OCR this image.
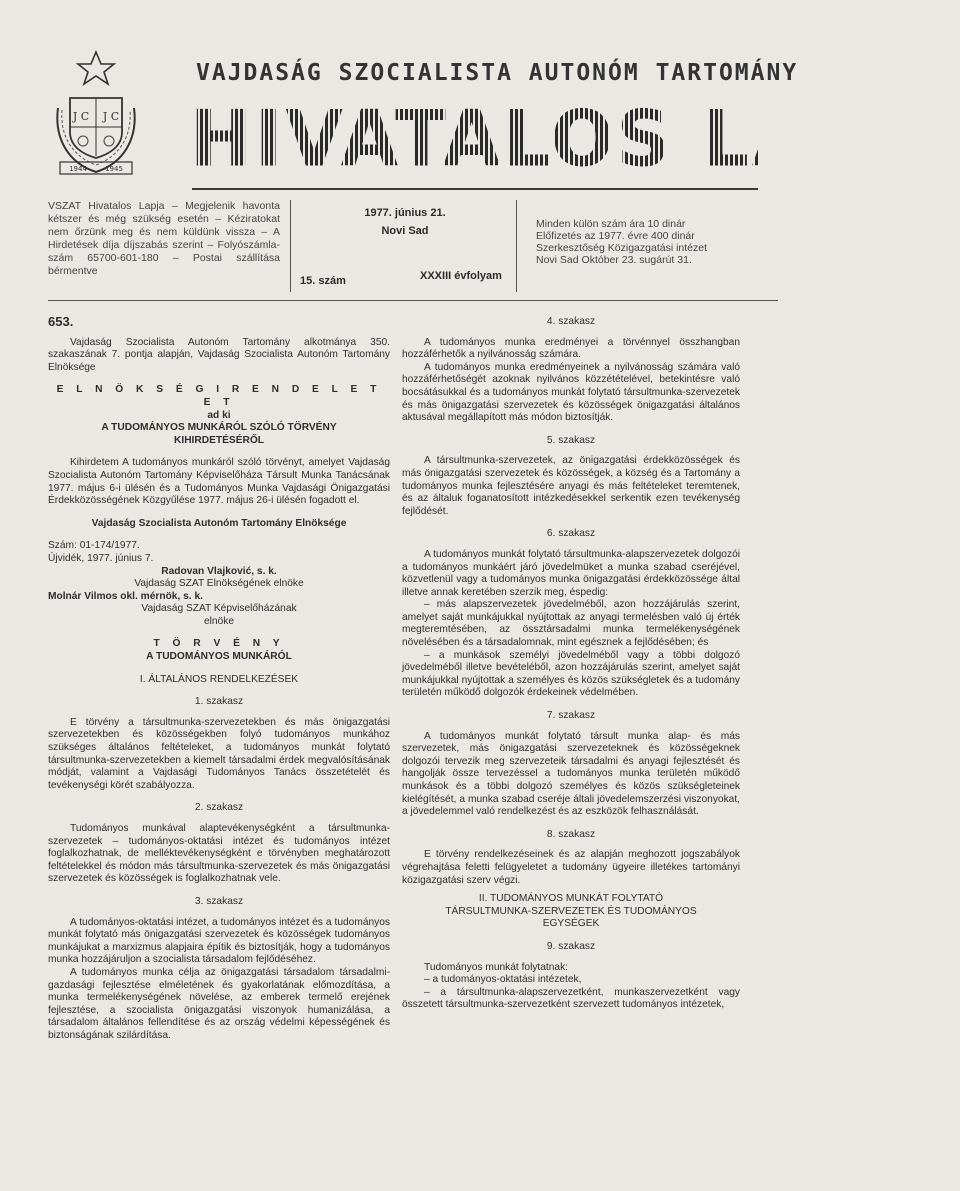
J C J C
1944	1945
VAJDASÁG SZOCIALISTA AUTONÓM TARTOMÁNY
HIVATALOS LAPJA
VSZAT Hivatalos Lapja – Megjelenik havonta kétszer és még szükség esetén – Kéziratokat nem őrzünk meg és nem küldünk vissza – A Hirdetések díja díjszabás szerint – Folyószámla-szám 65700-601-180 – Postai szállítása bérmentve
1977. június 21.
Novi Sad
15. szám	XXXIII évfolyam
Minden külön szám ára 10 dinár
Előfizetés az 1977. évre 400 dinár
Szerkesztőség Közigazgatási intézet
Novi Sad Október 23. sugárút 31.

653.

Vajdaság Szocialista Autonóm Tartomány alkotmánya 350. szakaszának 7. pontja alapján, Vajdaság Szocialista Autonóm Tartomány Elnöksége

E L N Ö K S É G I R E N D E L E T E T

ad ki

A TUDOMÁNYOS MUNKÁRÓL SZÓLÓ TÖRVÉNY

KIHIRDETÉSÉRŐL

Kihirdetem A tudományos munkáról szóló törvényt, amelyet Vajdaság Szocialista Autonóm Tartomány Képviselőháza Társult Munka Tanácsának 1977. május 6-i ülésén és a Tudományos Munka Vajdasági Önigazgatási Érdekközösségének Közgyűlése 1977. május 26-i ülésén fogadott el.

Vajdaság Szocialista Autonóm Tartomány Elnöksége

Szám: 01-174/1977.

Újvidék, 1977. június 7.

Radovan Vlajković, s. k.

Vajdaság SZAT Elnökségének elnöke

Molnár Vilmos okl. mérnök, s. k.

Vajdaság SZAT Képviselőházának

elnöke

T Ö R V É N Y

A TUDOMÁNYOS MUNKÁRÓL

I. ÁLTALÁNOS RENDELKEZÉSEK

1. szakasz

E törvény a társultmunka-szervezetekben és más önigazgatási szervezetekben és közösségekben folyó tudományos munkához szükséges általános feltételeket, a tudományos munkát folytató társultmunka-szervezetekben a kiemelt társadalmi érdek megvalósításának módját, valamint a Vajdasági Tudományos Tanács összetételét és tevékenységi körét szabályozza.

2. szakasz

Tudományos munkával alaptevékenységként a társultmunka-szervezetek – tudományos-oktatási intézet és tudományos intézet foglalkozhatnak, de melléktevékenységként e törvényben meghatározott feltételekkel és módon más társultmunka-szervezetek és más önigazgatási szervezetek és közösségek is foglalkozhatnak vele.

3. szakasz

A tudományos-oktatási intézet, a tudományos intézet és a tudományos munkát folytató más önigazgatási szervezetek és közösségek tudományos munkájukat a marxizmus alapjaira építik és biztosítják, hogy a tudományos munka hozzájáruljon a szocialista társadalom fejlődéséhez.

A tudományos munka célja az önigazgatási társadalom társadalmi-gazdasági fejlesztése elméletének és gyakorlatának előmozdítása, a munka termelékenységének növelése, az emberek termelő erejének fejlesztése, a szocialista önigazgatási viszonyok humanizálása, a társadalom általános fellendítése és az ország védelmi képességének és biztonságának szilárdítása.

4. szakasz

A tudományos munka eredményei a törvénnyel összhangban hozzáférhetők a nyilvánosság számára.

A tudományos munka eredményeinek a nyilvánosság számára való hozzáférhetőségét azoknak nyilvános közzétételével, betekintésre való bocsátásukkal és a tudományos munkát folytató társultmunka-szervezetek és más önigazgatási szervezetek és közösségek önigazgatási általános aktusával megállapított más módon biztosítják.

5. szakasz

A társultmunka-szervezetek, az önigazgatási érdekközösségek és más önigazgatási szervezetek és közösségek, a község és a Tartomány a tudományos munka fejlesztésére anyagi és más feltételeket teremtenek, és az általuk foganatosított intézkedésekkel serkentik ezen tevékenység fejlődését.

6. szakasz

A tudományos munkát folytató társultmunka-alapszervezetek dolgozói a tudományos munkáért járó jövedelmüket a munka szabad cseréjével, közvetlenül vagy a tudományos munka önigazgatási érdekközössége által illetve annak keretében szerzik meg, éspedig:

– más alapszervezetek jövedelméből, azon hozzájárulás szerint, amelyet saját munkájukkal nyújtottak az anyagi termelésben való új érték megteremtésében, az össztársadalmi munka termelékenységének növelésében és a társadalomnak, mint egésznek a fejlődésében; és

– a munkások személyi jövedelméből vagy a többi dolgozó jövedelméből illetve bevételéből, azon hozzájárulás szerint, amelyet saját munkájukkal nyújtottak a személyes és közös szükségletek és a tudomány területén működő dolgozók érdekeinek védelmében.

7. szakasz

A tudományos munkát folytató társult munka alap- és más szervezetek, más önigazgatási szervezeteknek és közösségeknek dolgozói tervezik meg szervezeteik társadalmi és anyagi fejlesztését és hangolják össze tervezéssel a tudományos munka területén működő munkások és a többi dolgozó személyes és közös szükségleteinek kielégítését, a munka szabad cseréje általi jövedelemszerzési viszonyokat, a jövedelemmel való rendelkezést és az eszközök felhasználását.

8. szakasz

E törvény rendelkezéseinek és az alapján meghozott jogszabályok végrehajtása feletti felügyeletet a tudomány ügyeire illetékes tartományi közigazgatási szerv végzi.

II. TUDOMÁNYOS MUNKÁT FOLYTATÓ

TÁRSULTMUNKA-SZERVEZETEK ÉS TUDOMÁNYOS

EGYSÉGEK

9. szakasz

Tudományos munkát folytatnak:

– a tudományos-oktatási intézetek,

– a társultmunka-alapszervezetként, munkaszervezetként vagy összetett társultmunka-szervezetként szervezett tudományos intézetek,
